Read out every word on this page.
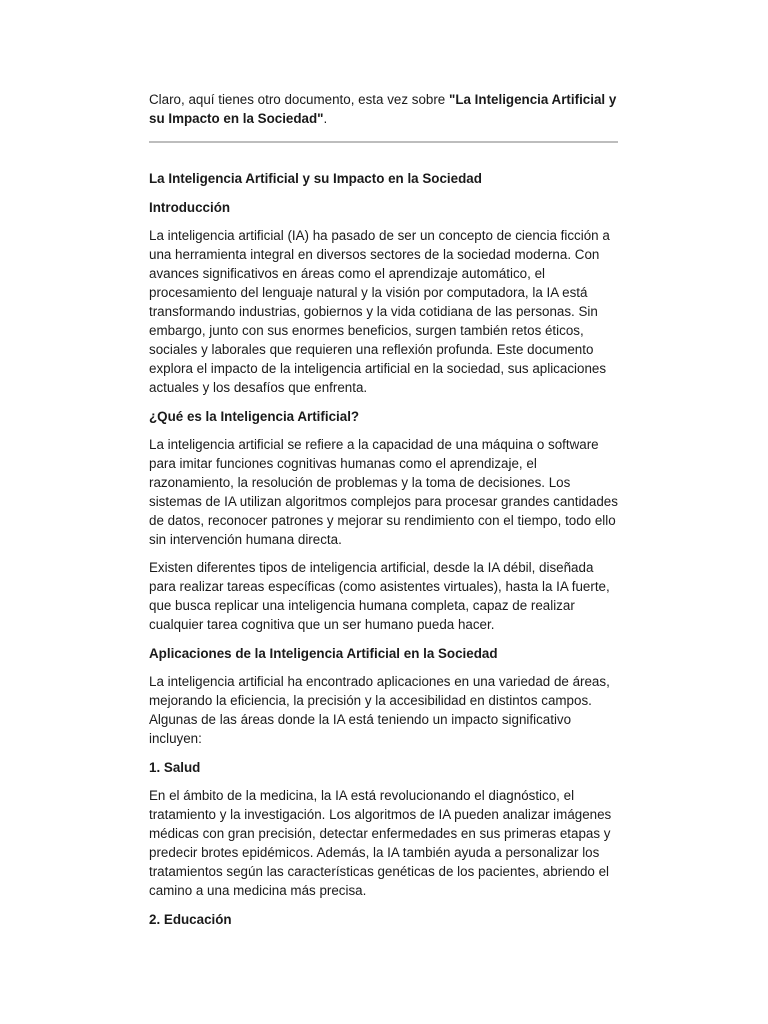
Claro, aquí tienes otro documento, esta vez sobre "La Inteligencia Artificial y su Impacto en la Sociedad".

La Inteligencia Artificial y su Impacto en la Sociedad

Introducción

La inteligencia artificial (IA) ha pasado de ser un concepto de ciencia ficción a una herramienta integral en diversos sectores de la sociedad moderna. Con avances significativos en áreas como el aprendizaje automático, el procesamiento del lenguaje natural y la visión por computadora, la IA está transformando industrias, gobiernos y la vida cotidiana de las personas. Sin embargo, junto con sus enormes beneficios, surgen también retos éticos, sociales y laborales que requieren una reflexión profunda. Este documento explora el impacto de la inteligencia artificial en la sociedad, sus aplicaciones actuales y los desafíos que enfrenta.

¿Qué es la Inteligencia Artificial?

La inteligencia artificial se refiere a la capacidad de una máquina o software para imitar funciones cognitivas humanas como el aprendizaje, el razonamiento, la resolución de problemas y la toma de decisiones. Los sistemas de IA utilizan algoritmos complejos para procesar grandes cantidades de datos, reconocer patrones y mejorar su rendimiento con el tiempo, todo ello sin intervención humana directa.

Existen diferentes tipos de inteligencia artificial, desde la IA débil, diseñada para realizar tareas específicas (como asistentes virtuales), hasta la IA fuerte, que busca replicar una inteligencia humana completa, capaz de realizar cualquier tarea cognitiva que un ser humano pueda hacer.

Aplicaciones de la Inteligencia Artificial en la Sociedad

La inteligencia artificial ha encontrado aplicaciones en una variedad de áreas, mejorando la eficiencia, la precisión y la accesibilidad en distintos campos. Algunas de las áreas donde la IA está teniendo un impacto significativo incluyen:

1. Salud

En el ámbito de la medicina, la IA está revolucionando el diagnóstico, el tratamiento y la investigación. Los algoritmos de IA pueden analizar imágenes médicas con gran precisión, detectar enfermedades en sus primeras etapas y predecir brotes epidémicos. Además, la IA también ayuda a personalizar los tratamientos según las características genéticas de los pacientes, abriendo el camino a una medicina más precisa.

2. Educación
